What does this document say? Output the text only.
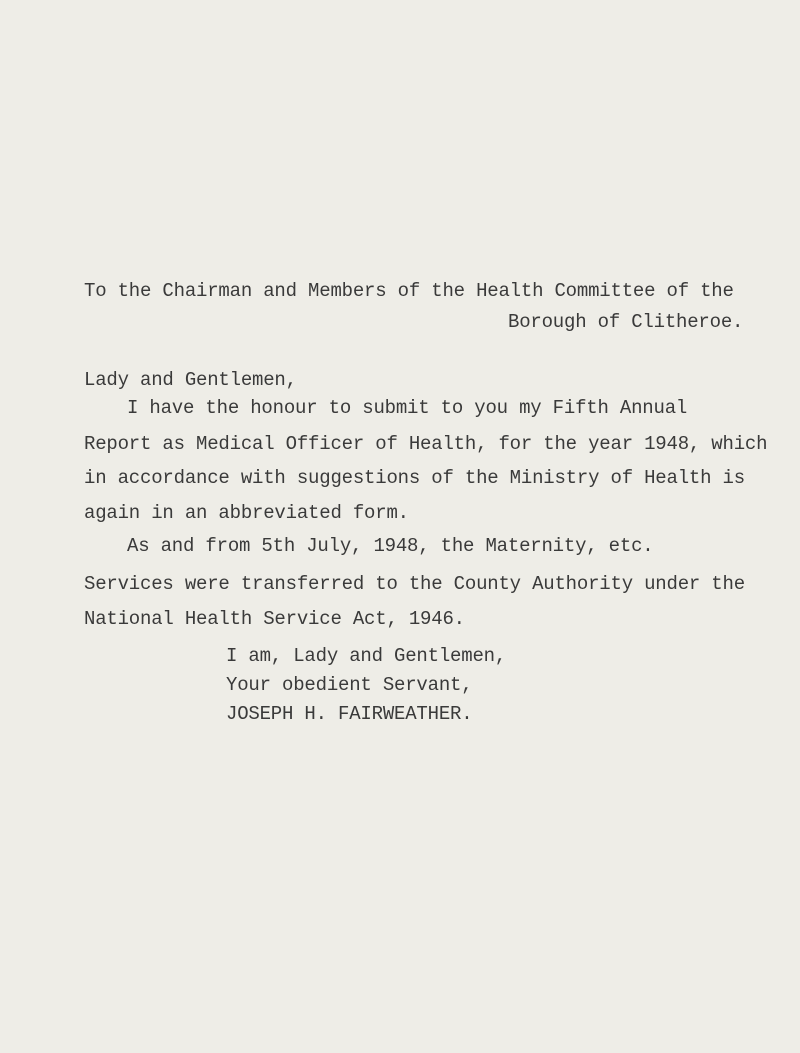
To the Chairman and Members of the Health Committee of the
Borough of Clitheroe.
Lady and Gentlemen,
I have the honour to submit to you my Fifth Annual
Report as Medical Officer of Health, for the year 1948, which
in accordance with suggestions of the Ministry of Health is
again in an abbreviated form.
As and from 5th July, 1948, the Maternity, etc.
Services were transferred to the County Authority under the
National Health Service Act, 1946.
I am, Lady and Gentlemen,
Your obedient Servant,
JOSEPH H. FAIRWEATHER.
